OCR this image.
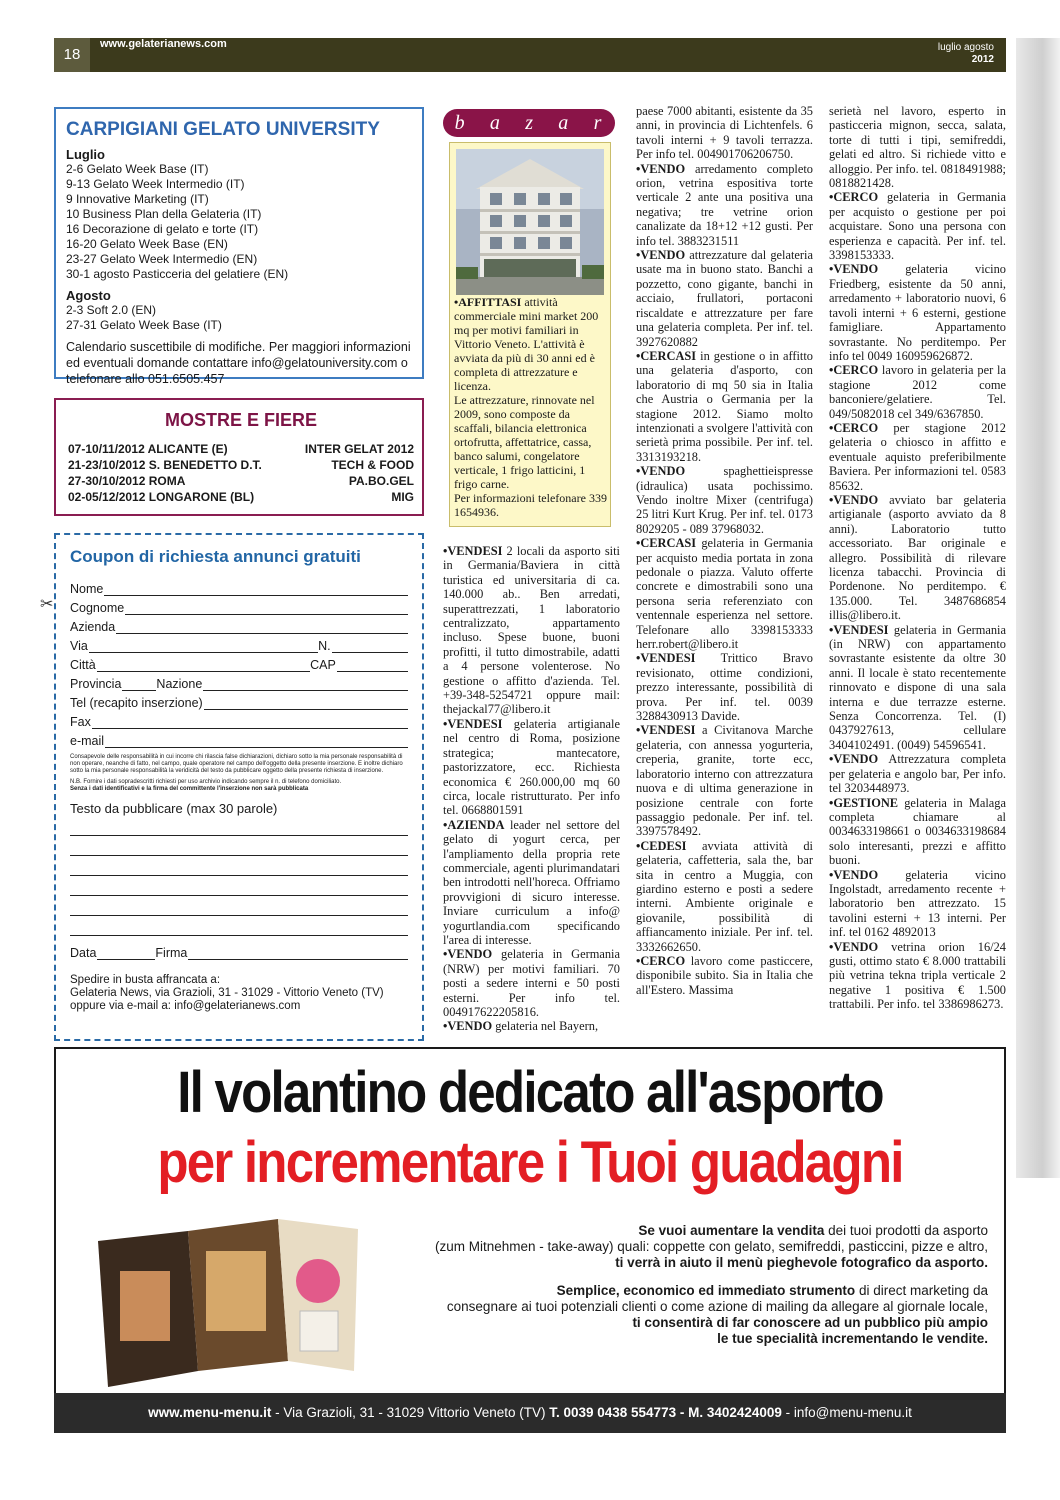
18
www.gelaterianews.com	luglio agosto
2012
CARPIGIANI GELATO UNIVERSITY

Luglio

2-6 Gelato Week Base (IT)
9-13 Gelato Week Intermedio (IT)
9 Innovative Marketing (IT)
10 Business Plan della Gelateria (IT)
16 Decorazione di gelato e torte (IT)
16-20 Gelato Week Base (EN)
23-27 Gelato Week Intermedio (EN)
30-1 agosto Pasticceria del gelatiere (EN)

Agosto

2-3 Soft 2.0 (EN)
27-31 Gelato Week Base (IT)
Calendario suscettibile di modifiche. Per maggiori informazioni ed eventuali domande contattare info@gelatouniversity.com o telefonare allo 051.6505.457
MOSTRE E FIERE
07-10/11/2012 ALICANTE (E)	INTER GELAT 2012
21-23/10/2012 S. BENEDETTO D.T.	TECH & FOOD
27-30/10/2012 ROMA	PA.BO.GEL
02-05/12/2012 LONGARONE (BL)	MIG
✂
Coupon di richiesta annunci gratuiti
Nome
Cognome
Azienda
Via	N.
Città	CAP
Provincia	Nazione
Tel (recapito inserzione)
Fax
e-mail
Consapevole delle responsabilità in cui incorre chi rilascia false dichiarazioni, dichiaro sotto la mia personale responsabilità di non operare, neanche di fatto, nel campo, quale operatore nel campo dell'oggetto della presente inserzione. E inoltre dichiaro sotto la mia personale responsabilità la veridicità del testo da pubblicare oggetto della presente richiesta di inserzione.
N.B. Fornire i dati sopradescritti richiesti per uso archivio indicando sempre il n. di telefono domiciliato.
Senza i dati identificativi e la firma del committente l'inserzione non sarà pubblicata
Testo da pubblicare (max 30 parole)
Data	Firma
Spedire in busta affrancata a:
Gelateria News, via Grazioli, 31 - 31029 - Vittorio Veneto (TV)
oppure via e-mail a: info@gelaterianews.com
b a z a r
•AFFITTASI attività commerciale mini market 200 mq per motivi familiari in Vittorio Veneto. L'attività è avviata da più di 30 anni ed è completa di attrezzature e licenza.
Le attrezzature, rinnovate nel 2009, sono composte da scaffali, bilancia elettronica ortofrutta, affettatrice, cassa, banco salumi, congelatore verticale, 1 frigo latticini, 1 frigo carne.
Per informazioni telefonare 339 1654936.

•VENDESI 2 locali da asporto siti in Germania/Baviera in città turistica ed universitaria di ca. 140.000 ab.. Ben arredati, superattrezzati, 1 laboratorio centralizzato, appartamento incluso. Spese buone, buoni profitti, il tutto dimostrabile, adatti a 4 persone volenterose. No gestione o affitto d'azienda. Tel. +39-348-5254721 oppure mail: thejackal77@libero.it

•VENDESI gelateria artigianale nel centro di Roma, posizione strategica; mantecatore, pastorizzatore, ecc. Richiesta economica € 260.000,00 mq 60 circa, locale ristrutturato. Per info tel. 0668801591

•AZIENDA leader nel settore del gelato di yogurt cerca, per l'ampliamento della propria rete commerciale, agenti plurimandatari ben introdotti nell'horeca. Offriamo provvigioni di sicuro interesse. Inviare curriculum a info@ yogurtlandia.com specificando l'area di interesse.

•VENDO gelateria in Germania (NRW) per motivi familiari. 70 posti a sedere interni e 50 posti esterni. Per info tel. 004917622205816.

•VENDO gelateria nel Bayern,

paese 7000 abitanti, esistente da 35 anni, in provincia di Lichtenfels. 6 tavoli interni + 9 tavoli terrazza. Per info tel. 004901706206750.

•VENDO arredamento completo orion, vetrina espositiva torte verticale 2 ante una positiva una negativa; tre vetrine orion canalizate da 18+12 +12 gusti. Per info tel. 3883231511

•VENDO attrezzature dal gelateria usate ma in buono stato. Banchi a pozzetto, cono gigante, banchi in acciaio, frullatori, portaconi riscaldate e attrezzature per fare una gelateria completa. Per inf. tel. 3927620882

•CERCASI in gestione o in affitto una gelateria d'asporto, con laboratorio di mq 50 sia in Italia che Austria o Germania per la stagione 2012. Siamo molto intenzionati a svolgere l'attività con serietà prima possibile. Per inf. tel. 3313193218.

•VENDO spaghettieispresse (idraulica) usata pochissimo. Vendo inoltre Mixer (centrifuga) 25 litri Kurt Krug. Per inf. tel. 0173 8029205 - 089 37968032.

•CERCASI gelateria in Germania per acquisto media portata in zona pedonale o piazza. Valuto offerte concrete e dimostrabili sono una persona seria referenziato con ventennale esperienza nel settore. Telefonare allo 3398153333 herr.robert@libero.it

•VENDESI Trittico Bravo revisionato, ottime condizioni, prezzo interessante, possibilità di prova. Per inf. tel. 0039 3288430913 Davide.

•VENDESI a Civitanova Marche gelateria, con annessa yogurteria, creperia, granite, torte ecc, laboratorio interno con attrezzatura nuova e di ultima generazione in posizione centrale con forte passaggio pedonale. Per inf. tel. 3397578492.

•CEDESI avviata attività di gelateria, caffetteria, sala the, bar sita in centro a Muggia, con giardino esterno e posti a sedere interni. Ambiente originale e giovanile, possibilità di affiancamento iniziale. Per inf. tel. 3332662650.

•CERCO lavoro come pasticcere, disponibile subito. Sia in Italia che all'Estero. Massima

serietà nel lavoro, esperto in pasticceria mignon, secca, salata, torte di tutti i tipi, semifreddi, gelati ed altro. Si richiede vitto e alloggio. Per info. tel. 0818491988; 0818821428.

•CERCO gelateria in Germania per acquisto o gestione per poi acquistare. Sono una persona con esperienza e capacità. Per inf. tel. 3398153333.

•VENDO gelateria vicino Friedberg, esistente da 50 anni, arredamento + laboratorio nuovi, 6 tavoli interni + 6 esterni, gestione famigliare. Appartamento sovrastante. No perditempo. Per info tel 0049 160959626872.

•CERCO lavoro in gelateria per la stagione 2012 come banconiere/gelatiere. Tel. 049/5082018 cel 349/6367850.

•CERCO per stagione 2012 gelateria o chiosco in affitto e eventuale aquisto preferibilmente Baviera. Per informazioni tel. 0583 85632.

•VENDO avviato bar gelateria artigianale (asporto avviato da 8 anni). Laboratorio tutto accessoriato. Bar originale e allegro. Possibilità di rilevare licenza tabacchi. Provincia di Pordenone. No perditempo. € 135.000. Tel. 3487686854 illis@libero.it.

•VENDESI gelateria in Germania (in NRW) con appartamento sovrastante esistente da oltre 30 anni. Il locale è stato recentemente rinnovato e dispone di una sala interna e due terrazze esterne. Senza Concorrenza. Tel. (I) 0437927613, cellulare 3404102491. (0049) 54596541.

•VENDO Attrezzatura completa per gelateria e angolo bar, Per info. tel 3203448973.

•GESTIONE gelateria in Malaga completa chiamare al 0034633198661 o 0034633198684 solo interesanti, prezzi e affitto buoni.

•VENDO gelateria vicino Ingolstadt, arredamento recente + laboratorio ben attrezzato. 15 tavolini esterni + 13 interni. Per inf. tel 0162 4892013

•VENDO vetrina orion 16/24 gusti, ottimo stato € 8.000 trattabili più vetrina tekna tripla verticale 2 negative 1 positiva € 1.500 trattabili. Per info. tel 3386986273.

Il volantino dedicato all'asporto
per incrementare i Tuoi guadagni
Se vuoi aumentare la vendita dei tuoi prodotti da asporto
(zum Mitnehmen - take-away) quali: coppette con gelato, semifreddi, pasticcini, pizze e altro,
ti verrà in aiuto il menù pieghevole fotografico da asporto.
Semplice, economico ed immediato strumento di direct marketing da
consegnare ai tuoi potenziali clienti o come azione di mailing da allegare al giornale locale,
ti consentirà di far conoscere ad un pubblico più ampio
le tue specialità incrementando le vendite.
www.menu-menu.it - Via Grazioli, 31 - 31029 Vittorio Veneto (TV) T. 0039 0438 554773 - M. 3402424009 - info@menu-menu.it
